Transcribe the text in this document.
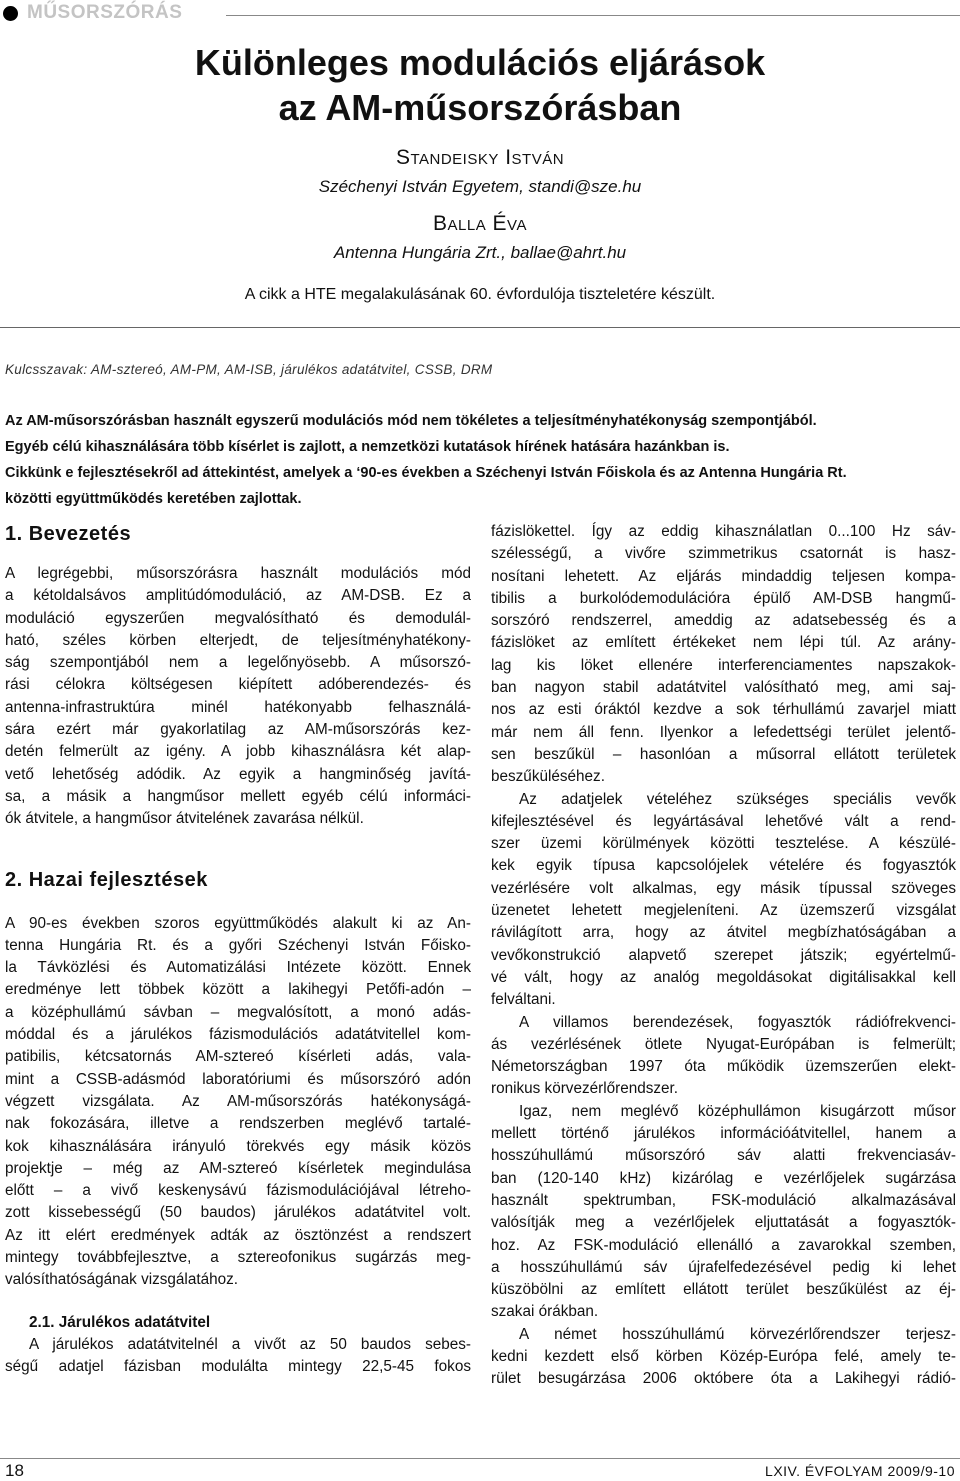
MŰSORSZÓRÁS
Különleges modulációs eljárások
az AM-műsorszórásban
Standeisky István
Széchenyi István Egyetem, standi@sze.hu
Balla Éva
Antenna Hungária Zrt., ballae@ahrt.hu
A cikk a HTE megalakulásának 60. évfordulója tiszteletére készült.
Kulcsszavak: AM-sztereó, AM-PM, AM-ISB, járulékos adatátvitel, CSSB, DRM

Az AM-műsorszórásban használt egyszerű modulációs mód nem tökéletes a teljesítményhatékonyság szempontjából.

Egyéb célú kihasználására több kísérlet is zajlott, a nemzetközi kutatások hírének hatására hazánkban is.

Cikkünk e fejlesztésekről ad áttekintést, amelyek a ‘90-es években a Széchenyi István Főiskola és az Antenna Hungária Rt.

közötti együttműködés keretében zajlottak.

1. Bevezetés

A legrégebbi, műsorszórásra használt modulációs mód
a kétoldalsávos amplitúdómoduláció, az AM-DSB. Ez a
moduláció egyszerűen megvalósítható és demodulál-
ható, széles körben elterjedt, de teljesítményhatékony-
ság szempontjából nem a legelőnyösebb. A műsorszó-
rási célokra költségesen kiépített adóberendezés- és
antenna-infrastruktúra minél hatékonyabb felhasználá-
sára ezért már gyakorlatilag az AM-műsorszórás kez-
detén felmerült az igény. A jobb kihasználásra két alap-
vető lehetőség adódik. Az egyik a hangminőség javítá-
sa, a másik a hangműsor mellett egyéb célú informáci-
ók átvitele, a hangműsor átvitelének zavarása nélkül.

2. Hazai fejlesztések

A 90-es években szoros együttműködés alakult ki az An-
tenna Hungária Rt. és a győri Széchenyi István Főisko-
la Távközlési és Automatizálási Intézete között. Ennek
eredménye lett többek között a lakihegyi Petőfi-adón –
a középhullámú sávban – megvalósított, a monó adás-
móddal és a járulékos fázismodulációs adatátvitellel kom-
patibilis, kétcsatornás AM-sztereó kísérleti adás, vala-
mint a CSSB-adásmód laboratóriumi és műsorszóró adón
végzett vizsgálata. Az AM-műsorszórás hatékonyságá-
nak fokozására, illetve a rendszerben meglévő tartalé-
kok kihasználására irányuló törekvés egy másik közös
projektje – még az AM-sztereó kísérletek megindulása
előtt – a vivő keskenysávú fázismodulációjával létreho-
zott kissebességű (50 baudos) járulékos adatátvitel volt.
Az itt elért eredmények adták az ösztönzést a rendszert
mintegy továbbfejlesztve, a sztereofonikus sugárzás meg-
valósíthatóságának vizsgálatához.

2.1. Járulékos adatátvitel

A járulékos adatátvitelnél a vivőt az 50 baudos sebes-
ségű adatjel fázisban modulálta mintegy 22,5-45 fokos

fázislökettel. Így az eddig kihasználatlan 0...100 Hz sáv-
szélességű, a vivőre szimmetrikus csatornát is hasz-
nosítani lehetett. Az eljárás mindaddig teljesen kompa-
tibilis a burkolódemodulációra épülő AM-DSB hangmű-
sorszóró rendszerrel, ameddig az adatsebesség és a
fázislöket az említett értékeket nem lépi túl. Az arány-
lag kis löket ellenére interferenciamentes napszakok-
ban nagyon stabil adatátvitel valósítható meg, ami saj-
nos az esti óráktól kezdve a sok térhullámú zavarjel miatt
már nem áll fenn. Ilyenkor a lefedettségi terület jelentő-
sen beszűkül – hasonlóan a műsorral ellátott területek
beszűküléséhez.

Az adatjelek vételéhez szükséges speciális vevők
kifejlesztésével és legyártásával lehetővé vált a rend-
szer üzemi körülmények közötti tesztelése. A készülé-
kek egyik típusa kapcsolójelek vételére és fogyasztók
vezérlésére volt alkalmas, egy másik típussal szöveges
üzenetet lehetett megjeleníteni. Az üzemszerű vizsgálat
rávilágított arra, hogy az átvitel megbízhatóságában a
vevőkonstrukció alapvető szerepet játszik; egyértelmű-
vé vált, hogy az analóg megoldásokat digitálisakkal kell
felváltani.

A villamos berendezések, fogyasztók rádiófrekvenci-
ás vezérlésének ötlete Nyugat-Európában is felmerült;
Németországban 1997 óta működik üzemszerűen elekt-
ronikus körvezérlőrendszer.

Igaz, nem meglévő középhullámon kisugárzott műsor
mellett történő járulékos információátvitellel, hanem a
hosszúhullámú műsorszóró sáv alatti frekvenciasáv-
ban (120-140 kHz) kizárólag e vezérlőjelek sugárzása
használt spektrumban, FSK-moduláció alkalmazásával
valósítják meg a vezérlőjelek eljuttatását a fogyasztók-
hoz. Az FSK-moduláció ellenálló a zavarokkal szemben,
a hosszúhullámú sáv újrafelfedezésével pedig ki lehet
küszöbölni az említett ellátott terület beszűkülést az éj-
szakai órákban.

A német hosszúhullámú körvezérlőrendszer terjesz-
kedni kezdett első körben Közép-Európa felé, amely te-
rület besugárzása 2006 októbere óta a Lakihegyi rádió-

18	LXIV. ÉVFOLYAM 2009/9-10
